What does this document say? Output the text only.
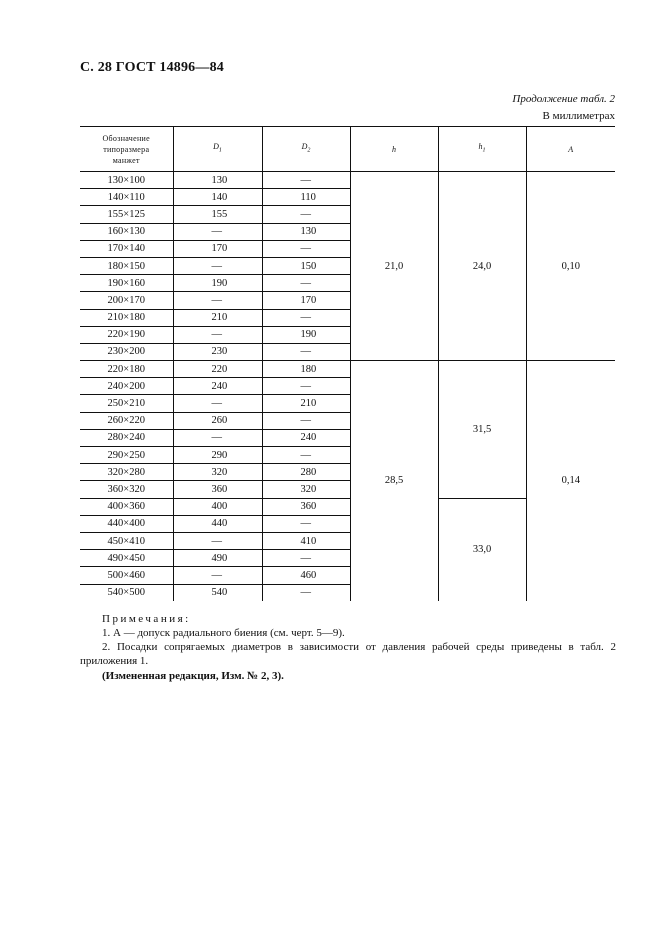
С. 28 ГОСТ 14896—84
Продолжение табл. 2
В миллиметрах
Обозначение
типоразмера
манжет	$D_1$	$D_2$	h	$h_1$	A
130×100	130	—	21,0	24,0	0,10
140×110	140	110			
155×125	155	—			
160×130	—	130			
170×140	170	—			
180×150	—	150			
190×160	190	—			
200×170	—	170			
210×180	210	—			
220×190	—	190			
230×200	230	—			
220×180	220	180	28,5	31,5	0,14
240×200	240	—			
250×210	—	210			
260×220	260	—			
280×240	—	240			
290×250	290	—			
320×280	320	280			
360×320	360	320			
400×360	400	360		33,0	
440×400	440	—			
450×410	—	410			
490×450	490	—			
500×460	—	460			
540×500	540	—			
Примечания:
1. А — допуск радиального биения (см. черт. 5—9).
2. Посадки сопрягаемых диаметров в зависимости от давления рабочей среды приведены в табл. 2 приложения 1.
(Измененная редакция, Изм. № 2, 3).
